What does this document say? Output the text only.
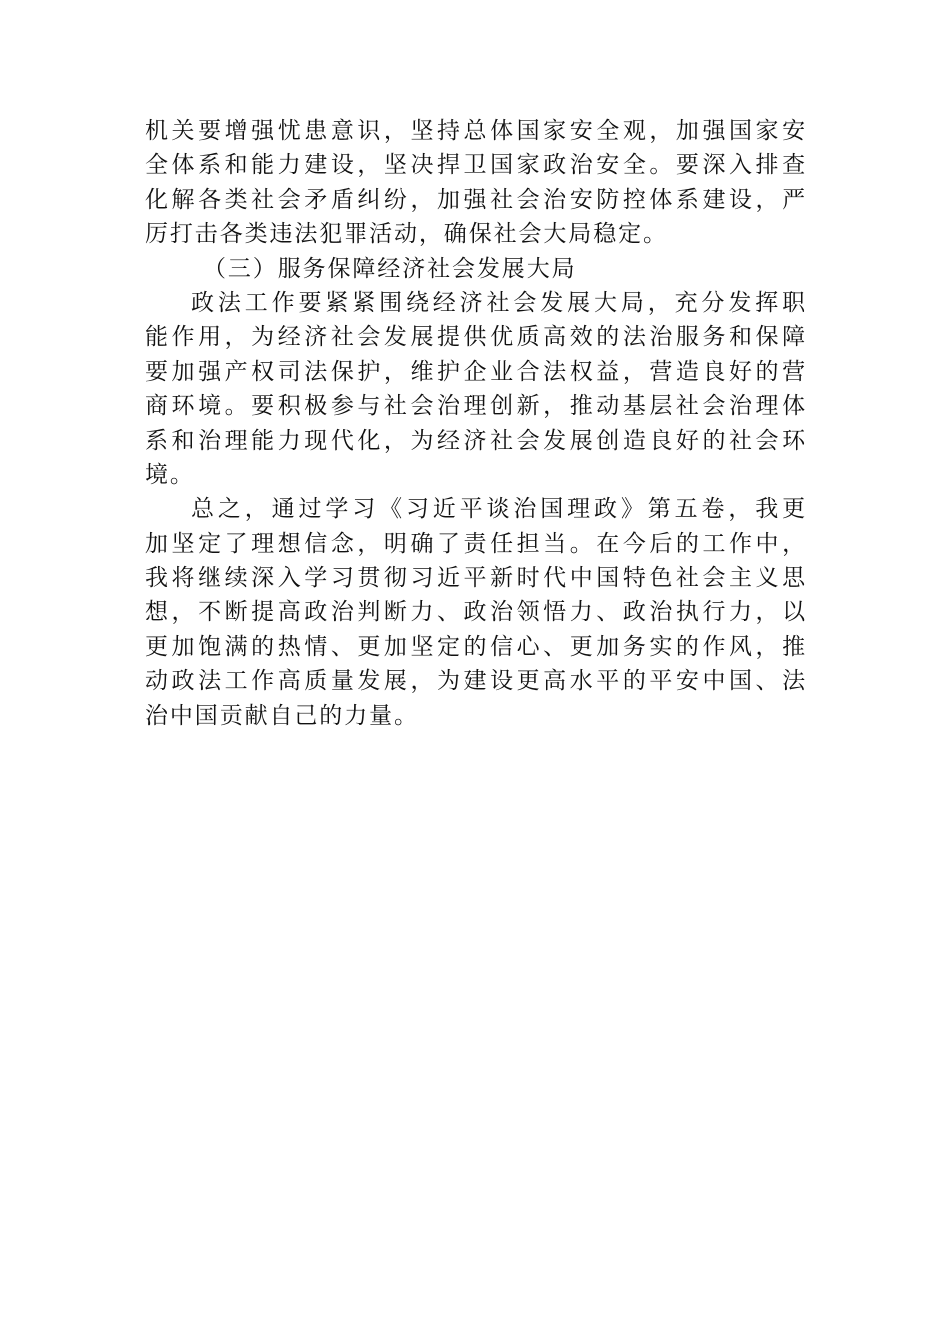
机关要增强忧患意识，坚持总体国家安全观，加强国家安
全体系和能力建设，坚决捍卫国家政治安全。要深入排查
化解各类社会矛盾纠纷，加强社会治安防控体系建设，严
厉打击各类违法犯罪活动，确保社会大局稳定。
（三）服务保障经济社会发展大局
政法工作要紧紧围绕经济社会发展大局，充分发挥职
能作用，为经济社会发展提供优质高效的法治服务和保障
要加强产权司法保护，维护企业合法权益，营造良好的营
商环境。要积极参与社会治理创新，推动基层社会治理体
系和治理能力现代化，为经济社会发展创造良好的社会环
境。
总之，通过学习《习近平谈治国理政》第五卷，我更
加坚定了理想信念，明确了责任担当。在今后的工作中，
我将继续深入学习贯彻习近平新时代中国特色社会主义思
想，不断提高政治判断力、政治领悟力、政治执行力，以
更加饱满的热情、更加坚定的信心、更加务实的作风，推
动政法工作高质量发展，为建设更高水平的平安中国、法
治中国贡献自己的力量。
